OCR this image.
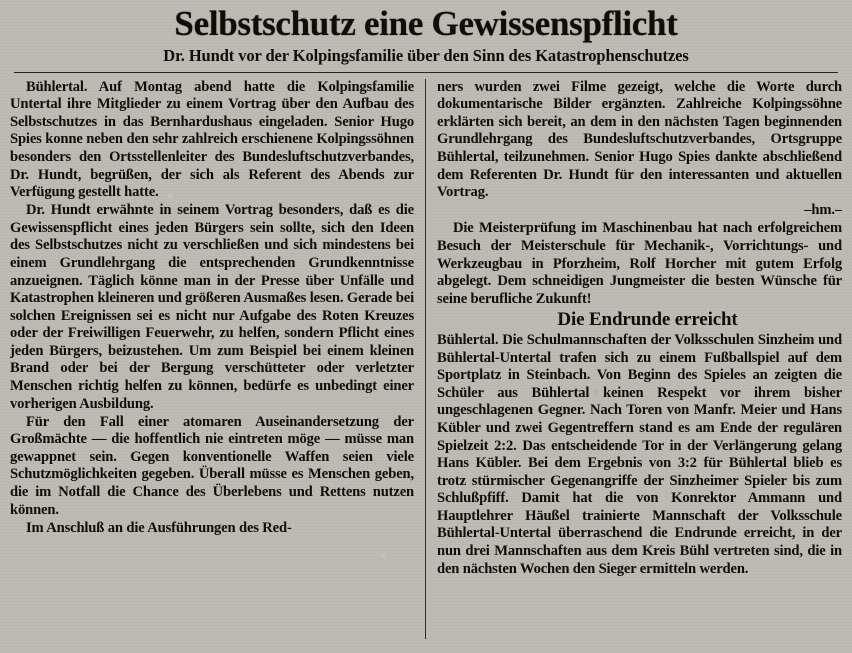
Selbstschutz eine Gewissenspflicht
Dr. Hundt vor der Kolpingsfamilie über den Sinn des Katastrophenschutzes

Bühlertal. Auf Montag abend hatte die Kolpingsfamilie Untertal ihre Mitglieder zu einem Vortrag über den Aufbau des Selbstschutzes in das Bernhardushaus eingeladen. Senior Hugo Spies konne neben den sehr zahlreich erschienene Kolpingssöhnen besonders den Ortsstellenleiter des Bundesluftschutzverbandes, Dr. Hundt, begrüßen, der sich als Referent des Abends zur Verfügung gestellt hatte.

Dr. Hundt erwähnte in seinem Vortrag besonders, daß es die Gewissenspflicht eines jeden Bürgers sein sollte, sich den Ideen des Selbstschutzes nicht zu verschließen und sich mindestens bei einem Grundlehrgang die entsprechenden Grundkenntnisse anzueignen. Täglich könne man in der Presse über Unfälle und Katastrophen kleineren und größeren Ausmaßes lesen. Gerade bei solchen Ereignissen sei es nicht nur Aufgabe des Roten Kreuzes oder der Freiwilligen Feuerwehr, zu helfen, sondern Pflicht eines jeden Bürgers, beizustehen. Um zum Beispiel bei einem kleinen Brand oder bei der Bergung verschütteter oder verletzter Menschen richtig helfen zu können, bedürfe es unbedingt einer vorherigen Ausbildung.

Für den Fall einer atomaren Auseinandersetzung der Großmächte — die hoffentlich nie eintreten möge — müsse man gewappnet sein. Gegen konventionelle Waffen seien viele Schutzmöglichkeiten gegeben. Überall müsse es Menschen geben, die im Notfall die Chance des Überlebens und Rettens nutzen können.

Im Anschluß an die Ausführungen des Red-

ners wurden zwei Filme gezeigt, welche die Worte durch dokumentarische Bilder ergänzten. Zahlreiche Kolpingssöhne erklärten sich bereit, an dem in den nächsten Tagen beginnenden Grundlehrgang des Bundesluftschutzverbandes, Ortsgruppe Bühlertal, teilzunehmen. Senior Hugo Spies dankte abschließend dem Referenten Dr. Hundt für den interessanten und aktuellen Vortrag.

–hm.–

Die Meisterprüfung im Maschinenbau hat nach erfolgreichem Besuch der Meisterschule für Mechanik-, Vorrichtungs- und Werkzeugbau in Pforzheim, Rolf Horcher mit gutem Erfolg abgelegt. Dem schneidigen Jungmeister die besten Wünsche für seine berufliche Zukunft!

Die Endrunde erreicht

Bühlertal. Die Schulmannschaften der Volksschulen Sinzheim und Bühlertal-Untertal trafen sich zu einem Fußballspiel auf dem Sportplatz in Steinbach. Von Beginn des Spieles an zeigten die Schüler aus Bühlertal keinen Respekt vor ihrem bisher ungeschlagenen Gegner. Nach Toren von Manfr. Meier und Hans Kübler und zwei Gegentreffern stand es am Ende der regulären Spielzeit 2:2. Das entscheidende Tor in der Verlängerung gelang Hans Kübler. Bei dem Ergebnis von 3:2 für Bühlertal blieb es trotz stürmischer Gegenangriffe der Sinzheimer Spieler bis zum Schlußpfiff. Damit hat die von Konrektor Ammann und Hauptlehrer Häußel trainierte Mannschaft der Volksschule Bühlertal-Untertal überraschend die Endrunde erreicht, in der nun drei Mannschaften aus dem Kreis Bühl vertreten sind, die in den nächsten Wochen den Sieger ermitteln werden.
